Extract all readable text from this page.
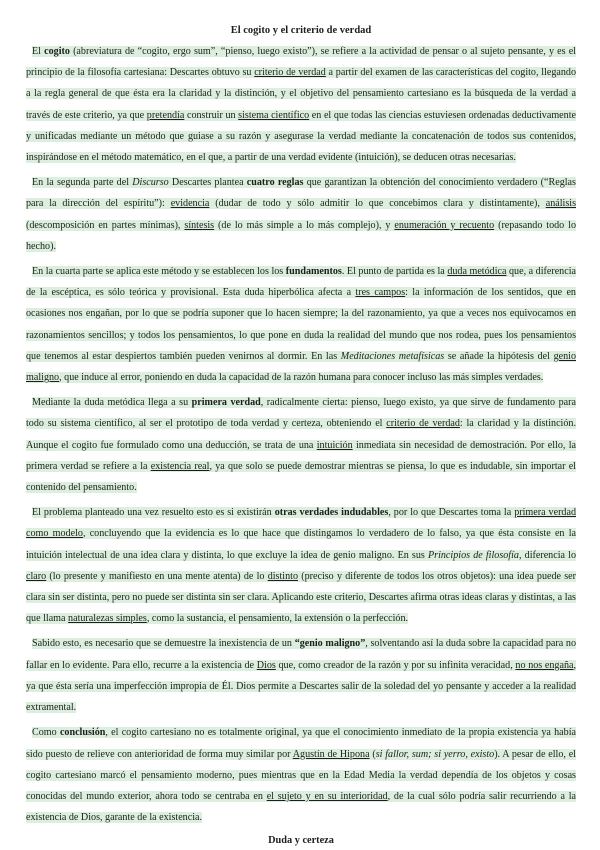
El cogito y el criterio de verdad

El cogito (abreviatura de “cogito, ergo sum”, “pienso, luego existo”), se refiere a la actividad de pensar o al sujeto pensante, y es el principio de la filosofía cartesiana: Descartes obtuvo su criterio de verdad a partir del examen de las características del cogito, llegando a la regla general de que ésta era la claridad y la distinción, y el objetivo del pensamiento cartesiano es la búsqueda de la verdad a través de este criterio, ya que pretendía construir un sistema científico en el que todas las ciencias estuviesen ordenadas deductivamente y unificadas mediante un método que guiase a su razón y asegurase la verdad mediante la concatenación de todos sus contenidos, inspirándose en el método matemático, en el que, a partir de una verdad evidente (intuición), se deducen otras necesarias.

En la segunda parte del Discurso Descartes plantea cuatro reglas que garantizan la obtención del conocimiento verdadero (“Reglas para la dirección del espíritu”): evidencia (dudar de todo y sólo admitir lo que concebimos clara y distintamente), análisis (descomposición en partes mínimas), síntesis (de lo más simple a lo más complejo), y enumeración y recuento (repasando todo lo hecho).

En la cuarta parte se aplica este método y se establecen los los fundamentos. El punto de partida es la duda metódica que, a diferencia de la escéptica, es sólo teórica y provisional. Esta duda hiperbólica afecta a tres campos: la información de los sentidos, que en ocasiones nos engañan, por lo que se podría suponer que lo hacen siempre; la del razonamiento, ya que a veces nos equivocamos en razonamientos sencillos; y todos los pensamientos, lo que pone en duda la realidad del mundo que nos rodea, pues los pensamientos que tenemos al estar despiertos también pueden venirnos al dormir. En las Meditaciones metafísicas se añade la hipótesis del genio maligno, que induce al error, poniendo en duda la capacidad de la razón humana para conocer incluso las más simples verdades.

Mediante la duda metódica llega a su primera verdad, radicalmente cierta: pienso, luego existo, ya que sirve de fundamento para todo su sistema científico, al ser el prototipo de toda verdad y certeza, obteniendo el criterio de verdad: la claridad y la distinción. Aunque el cogito fue formulado como una deducción, se trata de una intuición inmediata sin necesidad de demostración. Por ello, la primera verdad se refiere a la existencia real, ya que solo se puede demostrar mientras se piensa, lo que es indudable, sin importar el contenido del pensamiento.

El problema planteado una vez resuelto esto es si existirán otras verdades indudables, por lo que Descartes toma la primera verdad como modelo, concluyendo que la evidencia es lo que hace que distingamos lo verdadero de lo falso, ya que ésta consiste en la intuición intelectual de una idea clara y distinta, lo que excluye la idea de genio maligno. En sus Principios de filosofía, diferencia lo claro (lo presente y manifiesto en una mente atenta) de lo distinto (preciso y diferente de todos los otros objetos): una idea puede ser clara sin ser distinta, pero no puede ser distinta sin ser clara. Aplicando este criterio, Descartes afirma otras ideas claras y distintas, a las que llama naturalezas simples, como la sustancia, el pensamiento, la extensión o la perfección.

Sabido esto, es necesario que se demuestre la inexistencia de un “genio maligno”, solventando así la duda sobre la capacidad para no fallar en lo evidente. Para ello, recurre a la existencia de Dios que, como creador de la razón y por su infinita veracidad, no nos engaña, ya que ésta sería una imperfección impropia de Él. Dios permite a Descartes salir de la soledad del yo pensante y acceder a la realidad extramental.

Como conclusión, el cogito cartesiano no es totalmente original, ya que el conocimiento inmediato de la propia existencia ya había sido puesto de relieve con anterioridad de forma muy similar por Agustín de Hipona (si fallor, sum; si yerro, existo). A pesar de ello, el cogito cartesiano marcó el pensamiento moderno, pues mientras que en la Edad Media la verdad dependía de los objetos y cosas conocidas del mundo exterior, ahora todo se centraba en el sujeto y en su interioridad, de la cual sólo podría salir recurriendo a la existencia de Dios, garante de la existencia.

Duda y certeza
